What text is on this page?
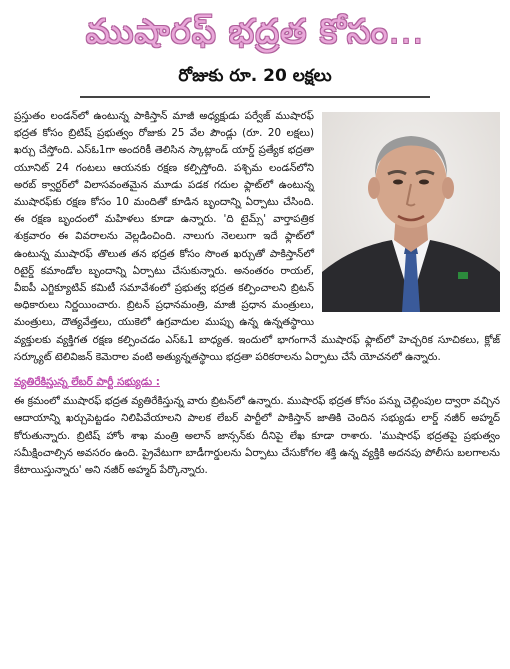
ముషారఫ్ భద్రత కోసం...
రోజుకు రూ. 20 లక్షలు

ప్రస్తుతం లండన్‌లో ఉంటున్న పాకిస్తాన్ మాజీ అధ్యక్షుడు పర్వేజ్ ముషారఫ్ భద్రత కోసం బ్రిటిష్ ప్రభుత్వం రోజుకు 25 వేల పౌండ్లు (రూ. 20 లక్షలు) ఖర్చు చేస్తోంది. ఎస్‌ఓ1గా అందరికీ తెలిసిన స్కాట్లాండ్ యార్డ్ ప్రత్యేక భద్రతా యూనిట్ 24 గంటలు ఆయనకు రక్షణ కల్పిస్తోంది. పశ్చిమ లండన్‌లోని అరబ్ క్వార్టర్‌లో విలాసవంతమైన మూడు పడక గదుల ఫ్లాట్‌లో ఉంటున్న ముషారఫ్‌కు రక్షణ కోసం 10 మందితో కూడిన బృందాన్ని ఏర్పాటు చేసింది. ఈ రక్షణ బృందంలో మహిళలు కూడా ఉన్నారు. 'ది టైమ్స్' వార్తాపత్రిక శుక్రవారం ఈ వివరాలను వెల్లడించింది. నాలుగు నెలలుగా ఇదే ఫ్లాట్‌లో ఉంటున్న ముషారఫ్ తొలుత తన భద్రత కోసం సొంత ఖర్చుతో పాకిస్తాన్‌లో రిటైర్డ్ కమాండోల బృందాన్ని ఏర్పాటు చేసుకున్నారు. అనంతరం రాయల్, వీఐపీ ఎగ్జిక్యూటివ్ కమిటీ సమావేశంలో ప్రభుత్వ భద్రత కల్పించాలని బ్రిటన్ అధికారులు నిర్ణయించారు. బ్రిటన్ ప్రధానమంత్రి, మాజీ ప్రధాన మంత్రులు, మంత్రులు, దౌత్యవేత్తలు, యుకెలో ఉగ్రవాదుల ముప్పు ఉన్న ఉన్నతస్థాయి వ్యక్తులకు వ్యక్తిగత రక్షణ కల్పించడం ఎస్‌ఓ1 బాధ్యత. ఇందులో భాగంగానే ముషారఫ్ ఫ్లాట్‌లో హెచ్చరిక సూచికలు, క్లోజ్ సర్క్యూట్ టెలివిజన్ కెమెరాల వంటి అత్యున్నతస్థాయి భద్రతా పరికరాలను ఏర్పాటు చేసే యోచనలో ఉన్నారు.

వ్యతిరేకిస్తున్న లేబర్ పార్టీ సభ్యుడు :

ఈ క్రమంలో ముషారఫ్ భద్రత వ్యతిరేకిస్తున్న వారు బ్రిటన్‌లో ఉన్నారు. ముషారఫ్ భద్రత కోసం పన్ను చెల్లింపుల ద్వారా వచ్చిన ఆదాయాన్ని ఖర్చుపెట్టడం నిలిపివేయాలని పాలక లేబర్ పార్టీలో పాకిస్తాన్ జాతికి చెందిన సభ్యుడు లార్డ్ నజీర్ అహ్మద్ కోరుతున్నారు. బ్రిటిష్ హోం శాఖ మంత్రి అలాన్ జాన్సన్‌కు దీనిపై లేఖ కూడా రాశారు. 'ముషారఫ్ భద్రతపై ప్రభుత్వం సమీక్షించాల్సిన అవసరం ఉంది. ప్రైవేటుగా బాడీగార్డులను ఏర్పాటు చేసుకోగల శక్తి ఉన్న వ్యక్తికి అదనపు పోలీసు బలగాలను కేటాయిస్తున్నారు' అని నజీర్ అహ్మద్ పేర్కొన్నారు.
